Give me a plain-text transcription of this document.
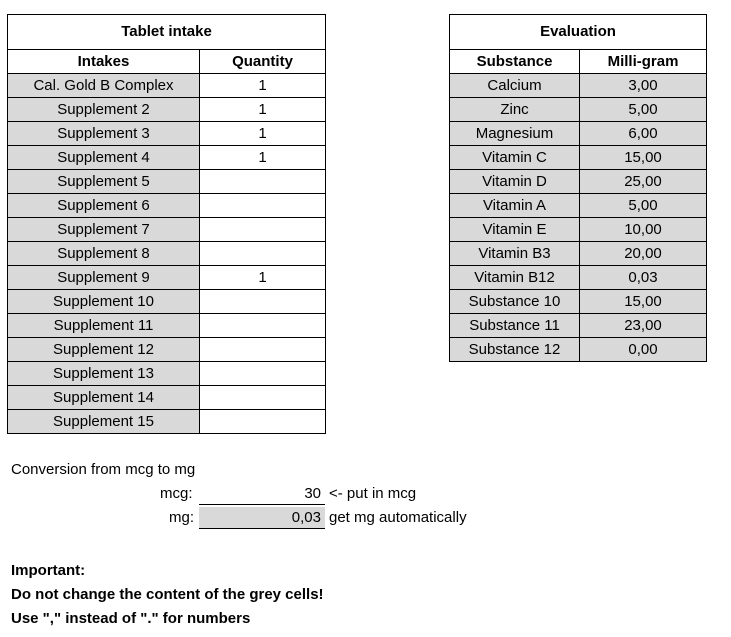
Tablet intake	
Intakes	Quantity
Cal. Gold B Complex	1
Supplement 2	1
Supplement 3	1
Supplement 4	1
Supplement 5	
Supplement 6	
Supplement 7	
Supplement 8	
Supplement 9	1
Supplement 10	
Supplement 11	
Supplement 12	
Supplement 13	
Supplement 14	
Supplement 15	
Evaluation	
Substance	Milli-gram
Calcium	3,00
Zinc	5,00
Magnesium	6,00
Vitamin C	15,00
Vitamin D	25,00
Vitamin A	5,00
Vitamin E	10,00
Vitamin B3	20,00
Vitamin B12	0,03
Substance 10	15,00
Substance 11	23,00
Substance 12	0,00
Conversion from mcg to mg
mcg:	30 <- put in mcg
mg:	0,03 get mg automatically
Important:
Do not change the content of the grey cells!
Use "," instead of "." for numbers
